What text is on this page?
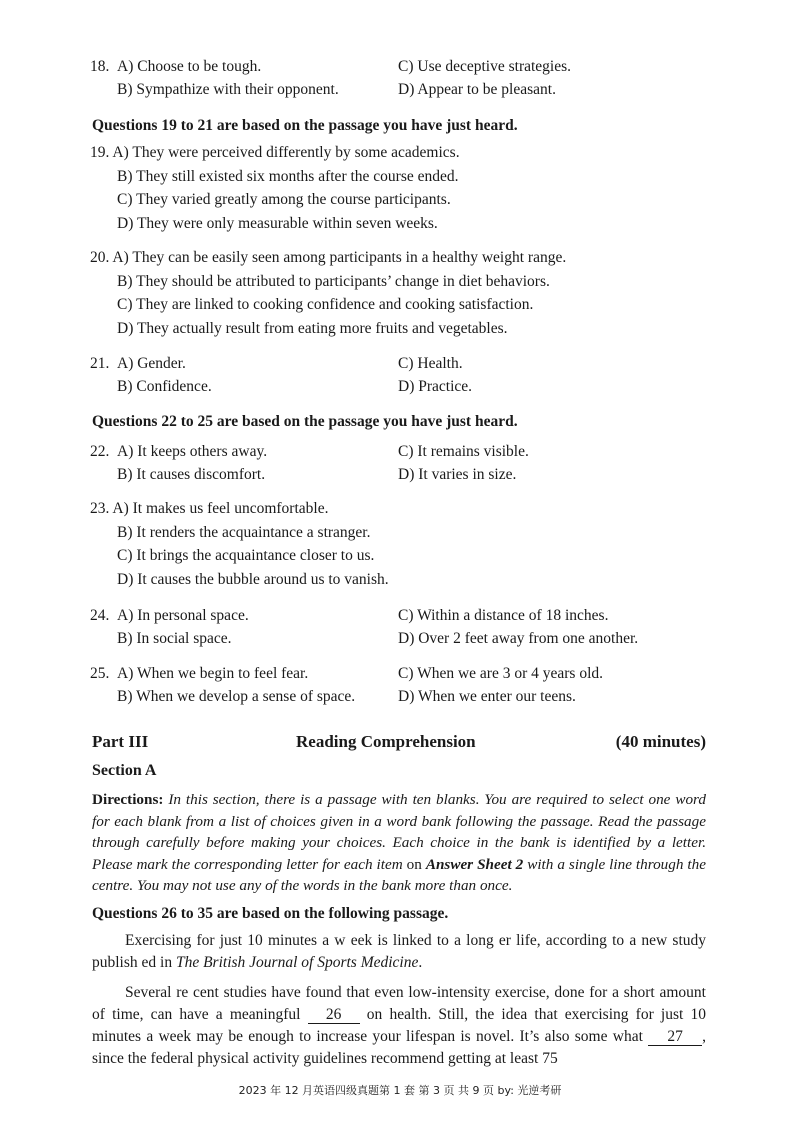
18. A) Choose to be tough.	C) Use deceptive strategies.
B) Sympathize with their opponent.	D) Appear to be pleasant.
Questions 19 to 21 are based on the passage you have just heard.
19. A) They were perceived differently by some academics.
B) They still existed six months after the course ended.
C) They varied greatly among the course participants.
D) They were only measurable within seven weeks.
20. A) They can be easily seen among participants in a healthy weight range.
B) They should be attributed to participants’ change in diet behaviors.
C) They are linked to cooking confidence and cooking satisfaction.
D) They actually result from eating more fruits and vegetables.
21. A) Gender.	C) Health.
B) Confidence.	D) Practice.
Questions 22 to 25 are based on the passage you have just heard.
22. A) It keeps others away.	C) It remains visible.
B) It causes discomfort.	D) It varies in size.
23. A) It makes us feel uncomfortable.
B) It renders the acquaintance a stranger.
C) It brings the acquaintance closer to us.
D) It causes the bubble around us to vanish.
24. A) In personal space.	C) Within a distance of 18 inches.
B) In social space.	D) Over 2 feet away from one another.
25. A) When we begin to feel fear.	C) When we are 3 or 4 years old.
B) When we develop a sense of space.	D) When we enter our teens.
Part III	Reading Comprehension	(40 minutes)
Section A
Directions: In this section, there is a passage with ten blanks. You are required to select one word for each blank from a list of choices given in a word bank following the passage. Read the passage through carefully before making your choices. Each choice in the bank is identified by a letter. Please mark the corresponding letter for each item on Answer Sheet 2 with a single line through the centre. You may not use any of the words in the bank more than once.
Questions 26 to 35 are based on the following passage.
Exercising for just 10 minutes a w eek is linked to a long er life, according to a new study publish ed in The British Journal of Sports Medicine.
Several re cent studies have found that even low-intensity exercise, done for a short amount of time, can have a meaningful 26 on health. Still, the idea that exercising for just 10 minutes a week may be enough to increase your lifespan is novel. It’s also some what 27 , since the federal physical activity guidelines recommend getting at least 75
2023 年 12 月英语四级真题第 1 套 第 3 页 共 9 页 by: 光逆考研
